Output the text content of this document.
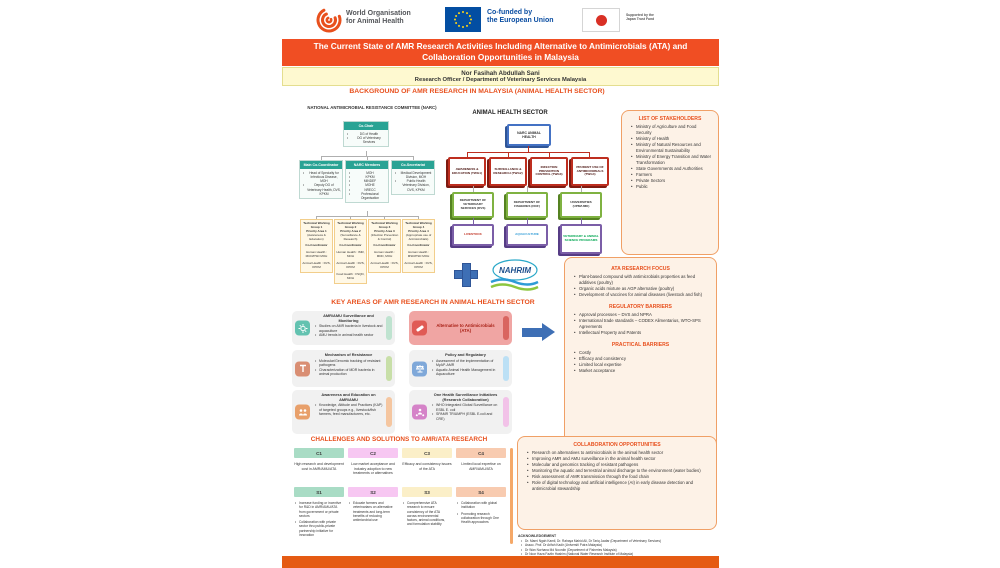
World Organisation
for Animal Health
Co-funded by
the European Union
Supported by the
Japan Trust Fund
The Current State of AMR Research Activities Including Alternative to Antimicrobials (ATA) and Collaboration Opportunities in Malaysia
Nor Fasihah Abdullah Sani
Research Officer / Department of Veterinary Services Malaysia
BACKGROUND OF AMR RESEARCH IN MALAYSIA (ANIMAL HEALTH SECTOR)
NATIONAL ANTIMICROBIAL RESISTANCE COMMITTEE (NARC)
Co-Chair
• DG of Health
• DG of Veterinary Services
Main Co-Coordinator
• Head of Specialty for Infectious Disease, MOH
• Deputy DG of Veterinary Health, DVS, KPKM
NARC Members
• MOH
• KPKM
• MINDEF
• MOHE
• NRECC
• Professional Organisation
Co-Secretariat
• Medical Development Division, MOH
• Public Health Veterinary Division, DVS, KPKM
Technical Working Group 1
Priority Area 1
(Awareness & Education)
Co-Coordinator
Human Health : MCD/PSD MOH
Animal Health : DVS, KPKM
Technical Working Group 2
Priority Area 2
(Surveillance & Research)
Co-Coordinator
Human Health : IMR, MOH
Animal Health : DVS, KPKM
Food Health : FSQD, MOH
Technical Working Group 3
Priority Area 3
(Infection Prevention & Control)
Co-Coordinator
Human Health : MDD, MOH
Animal Health : DVS, KPKM
Technical Working Group 4
Priority Area 4
(Appropriate use of Antimicrobials)
Co-Coordinator
Human Health : MSD/PSD MOH
Animal Health : DVS, KPKM
ANIMAL HEALTH SECTOR
NARC ANIMAL HEALTH
AWARENESS & EDUCATION (TWG1)
SURVEILLANCE & RESEARCH (TWG2)
INFECTION PREVENTION CONTROL (TWG3)
PRUDENT USE OF ANTIMICROBIALS (TWG4)
DEPARTMENT OF VETERINARY SERVICES (DVS)
DEPARTMENT OF FISHERIES (DOF)
UNIVERSITIES (UPM/UMK)
LIVESTOCK	AQUACULTURE
VETERINARY & ANIMAL SCIENCE PROGRAMS
LIST OF STAKEHOLDERS
• Ministry of Agriculture and Food Security
• Ministry of Health
• Ministry of Natural Resources and Environmental Sustainability
• Ministry of Energy Transition and Water Transformation
• State Governments and Authorities
• Farmers
• Private Sectors
• Public
NAHRIM
KEY AREAS OF AMR RESEARCH IN ANIMAL HEALTH SECTOR
AMR/AMU Surveillance and Monitoring
• Studies on AMR bacteria in livestock and aquaculture
• AMU trends in animal health sector
Alternative to Antimicrobials (ATA)
Mechanism of Resistance
• Molecular/Genomic tracking of resistant pathogens
• Characterization of MDR bacteria in animal production
Policy and Regulatory
• Assessment of the implementation of MyAP-AMR
• Aquatic Animal Health Management in Aquaculture
Awareness and Education on AMR/AMU
• Knowledge, Attitude and Practices (KAP) of targeted groups e.g., livestock/fish farmers, feed manufacturers, etc.
One Health Surveillance Initiatives (Research Collaboration)
• WHO Integrated Global Surveillance on ESBL E. coli
• SPAMR TRIUMPH (ESBL E.coli and CRE)
ATA RESEARCH FOCUS
• Plant-based compound with antimicrobials properties as feed additives (poultry)
• Organic acids mixture as AGP alternative (poultry)
• Development of vaccines for animal diseases (livestock and fish)
REGULATORY BARRIERS
• Approval processes – DVS and NPRA
• International trade standards – CODEX Alimentarius, WTO-SPS Agreements
• Intellectual Property and Patents
PRACTICAL BARRIERS
• Costly
• Efficacy and consistency
• Limited local expertise
• Market acceptance
CHALLENGES AND SOLUTIONS TO AMR/ATA RESEARCH
C1
High research and development cost in AMR/AMU/ATA
C2
Low market acceptance and industry adoption to new treatments or alternatives
C3
Efficacy and consistency issues of the ATA
C4
Limited local expertise on AMR/AMU/ATA
S1
• Increase funding or incentive for R&D in AMR/AMU/ATA from government or private sectors
• Collaboration with private sector thru public-private partnership initiative for innovation
S2
• Educate farmers and veterinarians on alternative treatments and long-term benefits of reducing antimicrobial use
S3
• Comprehensive ATA research to ensure consistency of the ATA across environmental factors, animal conditions, and formulation stability
S4
• Collaboration with global institution
• Promoting research collaboration through One Health approaches
COLLABORATION OPPORTUNITIES
• Research on alternatives to antimicrobials in the animal health sector
• Improving AMR and AMU surveillance in the animal health sector
• Molecular and genomics tracking of resistant pathogens
• Monitoring the aquatic and terrestrial animal discharge to the environment (water bodies)
• Risk assessment of AMR transmission through the food chain
• Role of digital technology and artificial intelligence (AI) in early disease detection and antimicrobial stewardship
ACKNOWLEDGEMENT
• Dr. Marni Ngah Kamil, Dr. Rahaya Mahid Ali, Dr Tariq Jaafar (Department of Veterinary Services)
• Assoc. Prof. Dr Arifah Kadir (Universiti Putra Malaysia)
• Dr Wan Norhana Md Noordin (Department of Fisheries Malaysia)
• Dr Noor Haza Fazlin Hashim (National Water Research Institute of Malaysia)
